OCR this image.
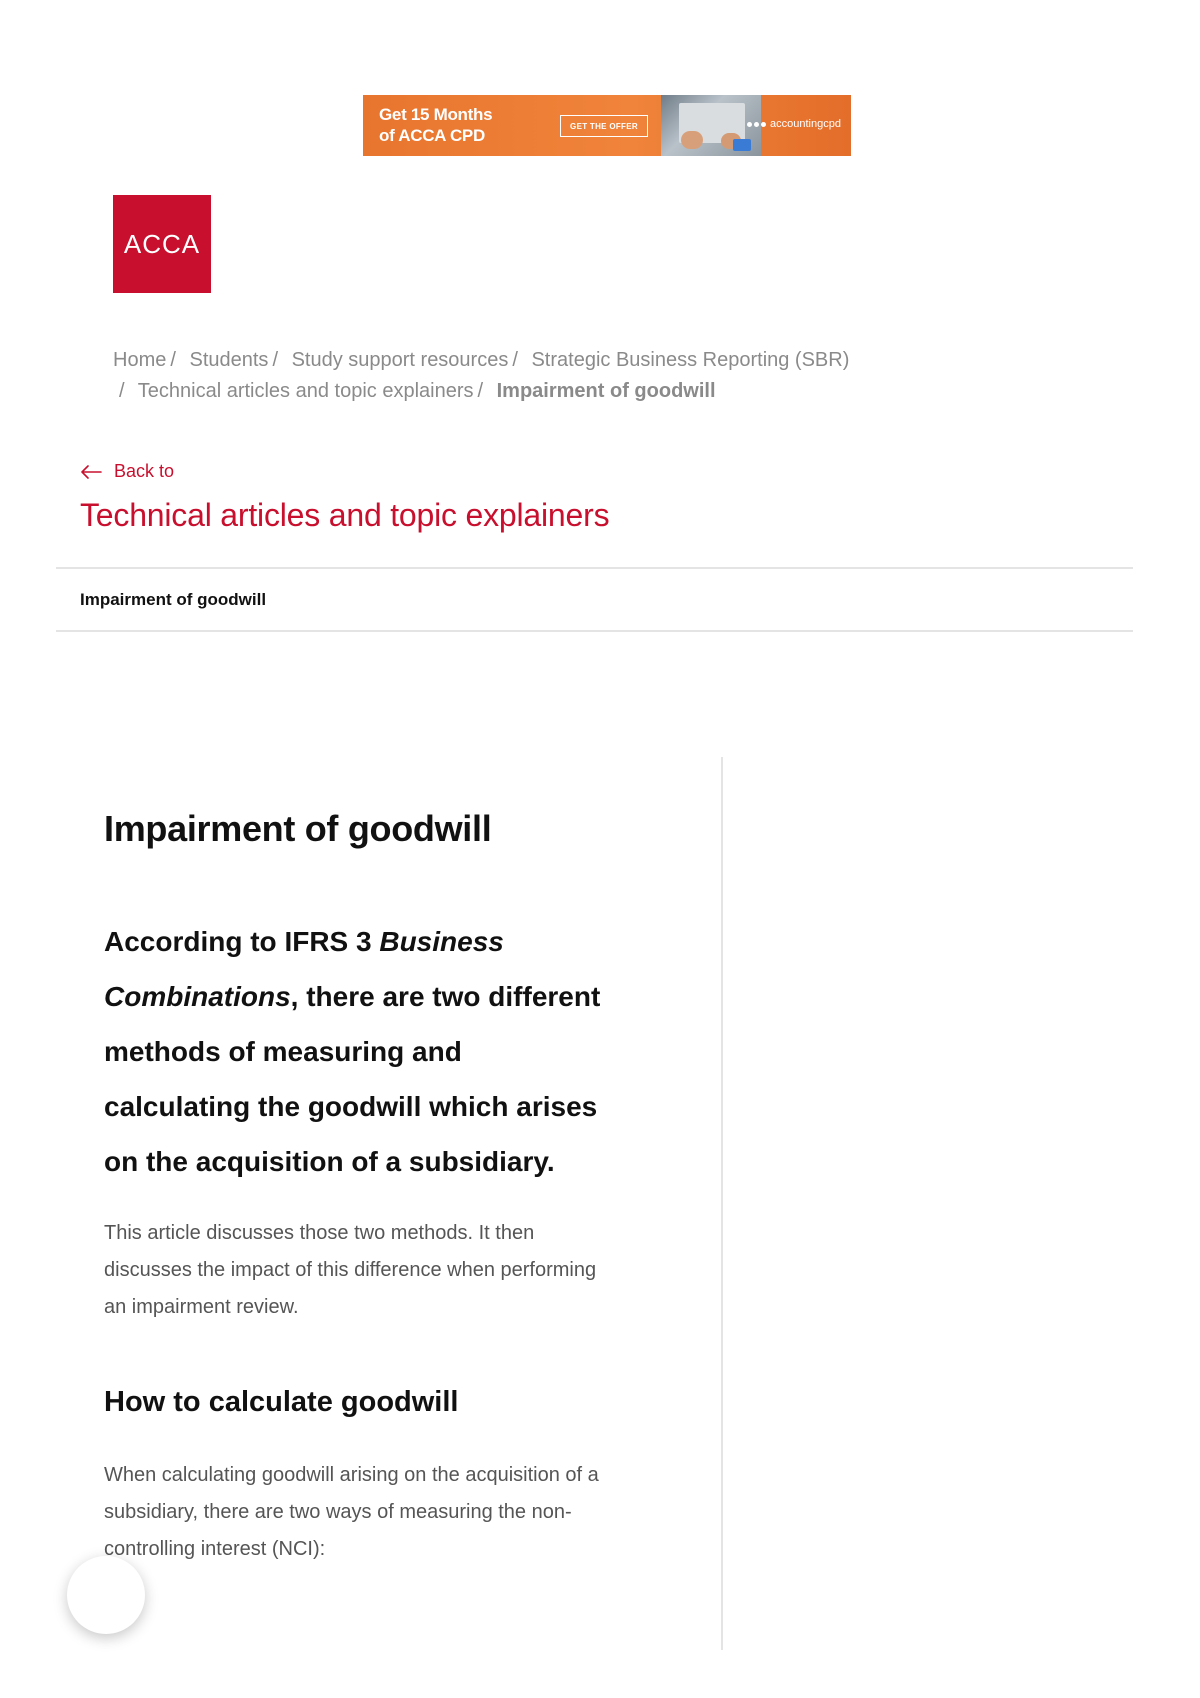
Get 15 Months
of ACCA CPD	GET THE OFFER	accountingcpd
ACCA
Home / Students / Study support resources / Strategic Business Reporting (SBR)
/ Technical articles and topic explainers / Impairment of goodwill
Back to
Technical articles and topic explainers
Impairment of goodwill
Impairment of goodwill

According to IFRS 3 Business Combinations, there are two different methods of measuring and calculating the goodwill which arises on the acquisition of a subsidiary.

This article discusses those two methods. It then discusses the impact of this difference when performing an impairment review.

How to calculate goodwill

When calculating goodwill arising on the acquisition of a subsidiary, there are two ways of measuring the non-controlling interest (NCI):
